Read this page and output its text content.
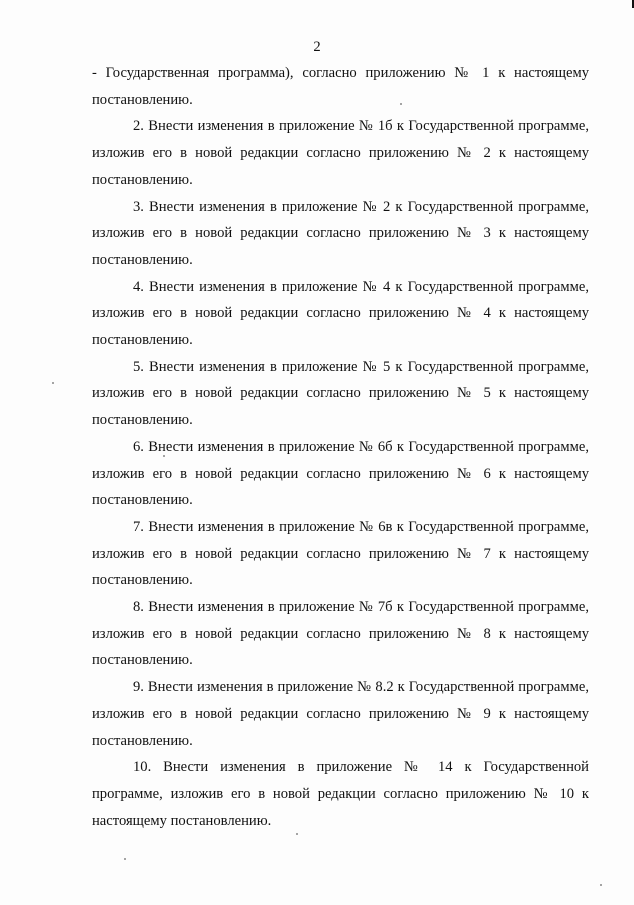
2

- Государственная программа), согласно приложению № 1 к настоящему постановлению.

2. Внести изменения в приложение № 1б к Государственной программе, изложив его в новой редакции согласно приложению № 2 к настоящему постановлению.

3. Внести изменения в приложение № 2 к Государственной программе, изложив его в новой редакции согласно приложению № 3 к настоящему постановлению.

4. Внести изменения в приложение № 4 к Государственной программе, изложив его в новой редакции согласно приложению № 4 к настоящему постановлению.

5. Внести изменения в приложение № 5 к Государственной программе, изложив его в новой редакции согласно приложению № 5 к настоящему постановлению.

6. Внести изменения в приложение № 6б к Государственной программе, изложив его в новой редакции согласно приложению № 6 к настоящему постановлению.

7. Внести изменения в приложение № 6в к Государственной программе, изложив его в новой редакции согласно приложению № 7 к настоящему постановлению.

8. Внести изменения в приложение № 7б к Государственной программе, изложив его в новой редакции согласно приложению № 8 к настоящему постановлению.

9. Внести изменения в приложение № 8.2 к Государственной программе, изложив его в новой редакции согласно приложению № 9 к настоящему постановлению.

10. Внести изменения в приложение № 14 к Государственной программе, изложив его в новой редакции согласно приложению № 10 к настоящему постановлению.
